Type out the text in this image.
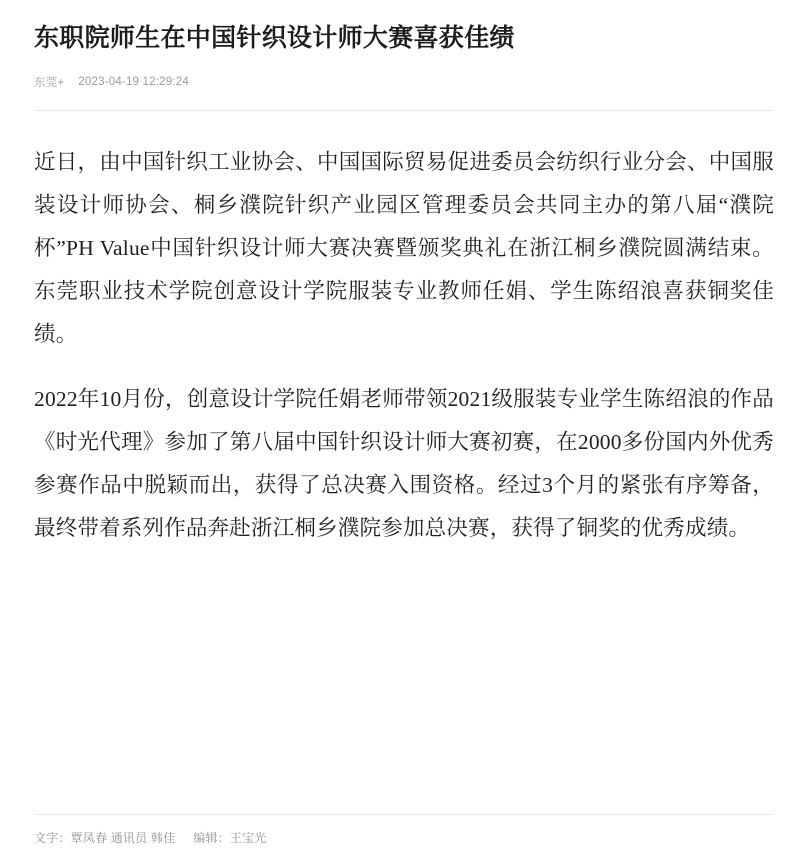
东职院师生在中国针织设计师大赛喜获佳绩
东莞+ 2023-04-19 12:29:24

近日，由中国针织工业协会、中国国际贸易促进委员会纺织行业分会、中国服装设计师协会、桐乡濮院针织产业园区管理委员会共同主办的第八届“濮院杯”PH Value中国针织设计师大赛决赛暨颁奖典礼在浙江桐乡濮院圆满结束。东莞职业技术学院创意设计学院服装专业教师任娟、学生陈绍浪喜获铜奖佳绩。

2022年10月份，创意设计学院任娟老师带领2021级服装专业学生陈绍浪的作品《时光代理》参加了第八届中国针织设计师大赛初赛，在2000多份国内外优秀参赛作品中脱颖而出，获得了总决赛入围资格。经过3个月的紧张有序筹备，最终带着系列作品奔赴浙江桐乡濮院参加总决赛，获得了铜奖的优秀成绩。

文字：覃凤春 通讯员 韩佳 编辑：王宝光
